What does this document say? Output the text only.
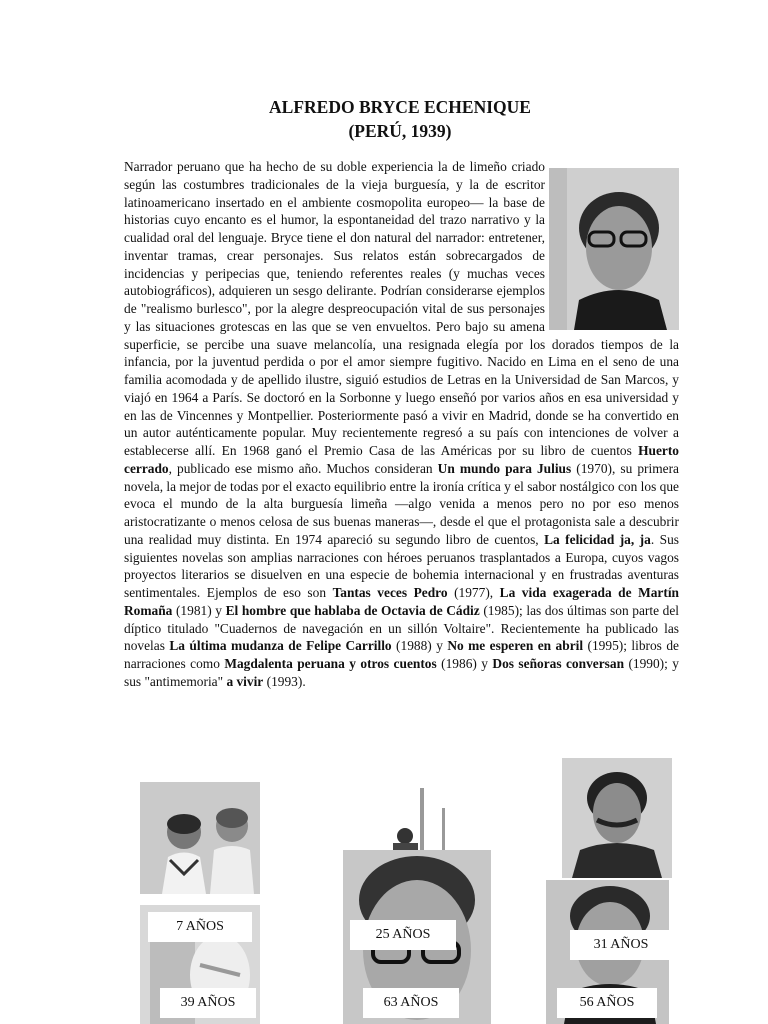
ALFREDO BRYCE ECHENIQUE
(PERÚ, 1939)

Narrador peruano que ha hecho de su doble experiencia la de limeño criado según las costumbres tradicionales de la vieja burguesía, y la de escritor latinoamericano insertado en el ambiente cosmopolita europeo— la base de historias cuyo encanto es el humor, la espontaneidad del trazo narrativo y la cualidad oral del lenguaje. Bryce tiene el don natural del narrador: entretener, inventar tramas, crear personajes. Sus relatos están sobrecargados de incidencias y peripecias que, teniendo referentes reales (y muchas veces autobiográficos), adquieren un sesgo delirante. Podrían considerarse ejemplos de "realismo burlesco", por la alegre despreocupación vital de sus personajes y las situaciones grotescas en las que se ven envueltos. Pero bajo su amena superficie, se percibe una suave melancolía, una resignada elegía por los dorados tiempos de la infancia, por la juventud perdida o por el amor siempre fugitivo. Nacido en Lima en el seno de una familia acomodada y de apellido ilustre, siguió estudios de Letras en la Universidad de San Marcos, y viajó en 1964 a París. Se doctoró en la Sorbonne y luego enseñó por varios años en esa universidad y en las de Vincennes y Montpellier. Posteriormente pasó a vivir en Madrid, donde se ha convertido en un autor auténticamente popular. Muy recientemente regresó a su país con intenciones de volver a establecerse allí. En 1968 ganó el Premio Casa de las Américas por su libro de cuentos Huerto cerrado, publicado ese mismo año. Muchos consideran Un mundo para Julius (1970), su primera novela, la mejor de todas por el exacto equilibrio entre la ironía crítica y el sabor nostálgico con los que evoca el mundo de la alta burguesía limeña —algo venida a menos pero no por eso menos aristocratizante o menos celosa de sus buenas maneras—, desde el que el protagonista sale a descubrir una realidad muy distinta. En 1974 apareció su segundo libro de cuentos, La felicidad ja, ja. Sus siguientes novelas son amplias narraciones con héroes peruanos trasplantados a Europa, cuyos vagos proyectos literarios se disuelven en una especie de bohemia internacional y en frustradas aventuras sentimentales. Ejemplos de eso son Tantas veces Pedro (1977), La vida exagerada de Martín Romaña (1981) y El hombre que hablaba de Octavia de Cádiz (1985); las dos últimas son parte del díptico titulado "Cuadernos de navegación en un sillón Voltaire". Recientemente ha publicado las novelas La última mudanza de Felipe Carrillo (1988) y No me esperen en abril (1995); libros de narraciones como Magdalenta peruana y otros cuentos (1986) y Dos señoras conversan (1990); y sus "antimemoria" a vivir (1993).

7 AÑOS
25 AÑOS
31 AÑOS
39 AÑOS	63 AÑOS	56 AÑOS
